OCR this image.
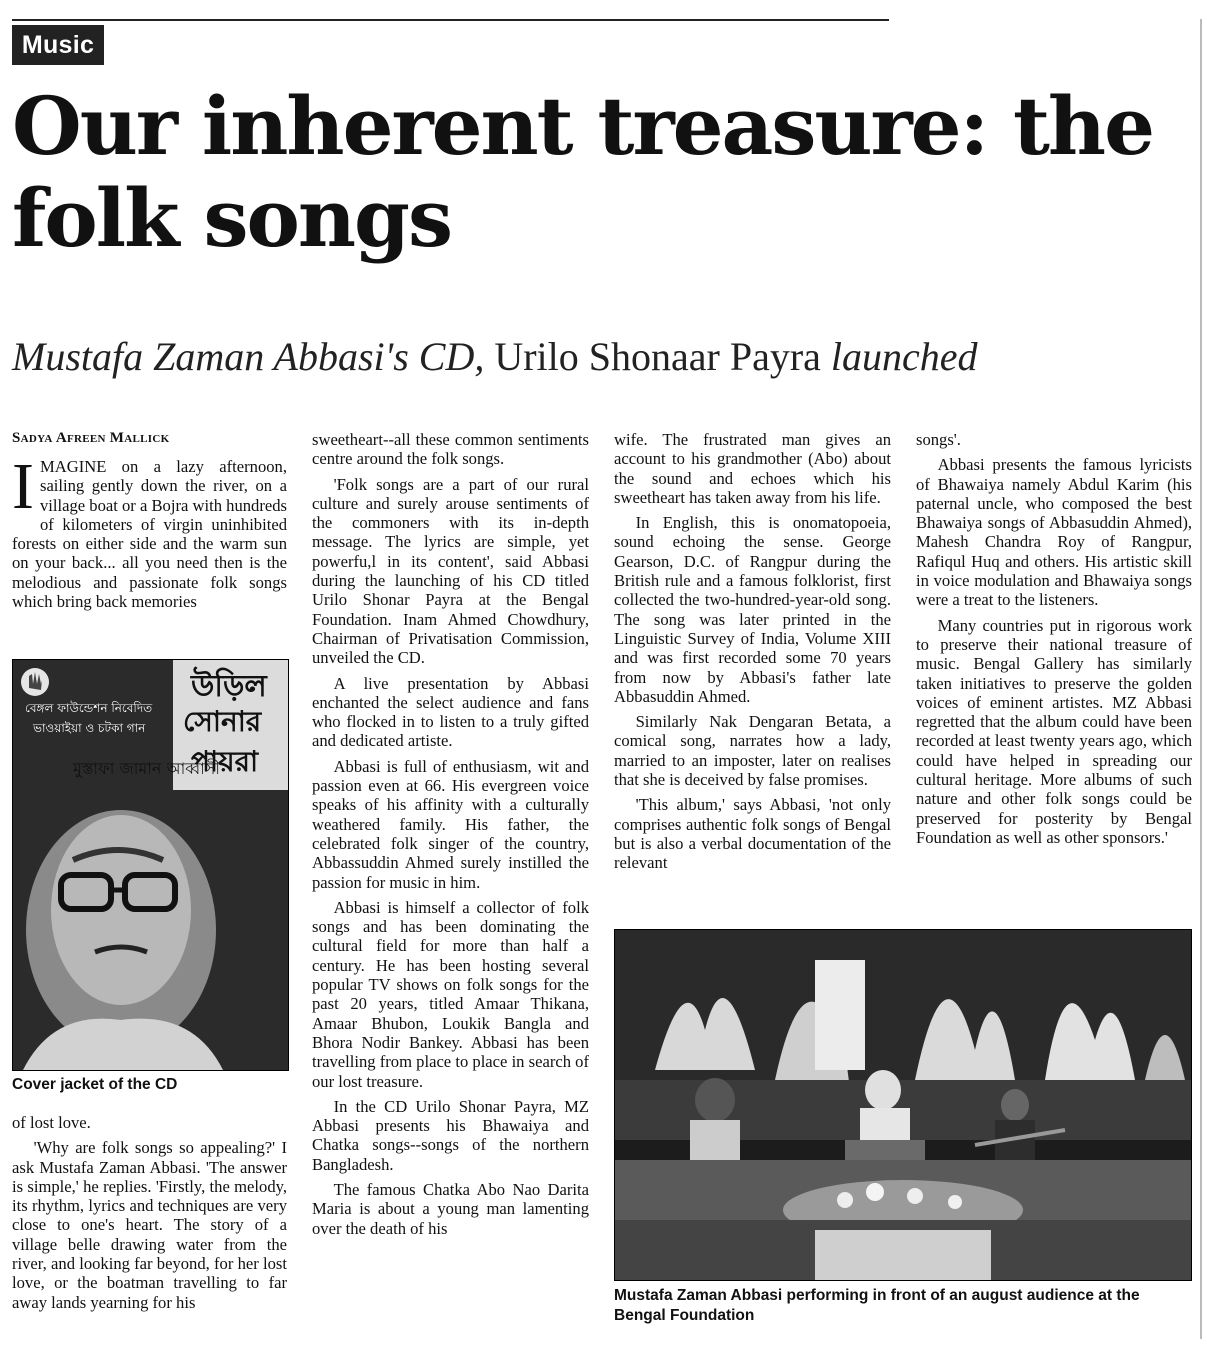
Music
Our inherent treasure: the folk songs
Mustafa Zaman Abbasi's CD, Urilo Shonaar Payra launched
Sadya Afreen Mallick

IMAGINE on a lazy afternoon, sailing gently down the river, on a village boat or a Bojra with hundreds of kilometers of virgin uninhibited forests on either side and the warm sun on your back... all you need then is the melodious and passionate folk songs which bring back memories

উড়িল
সোনার
পায়রা
বেঙ্গল ফাউন্ডেশন নিবেদিত
ভাওয়াইয়া ও চটকা গান
মুস্তাফা জামান আব্বাসী
Cover jacket of the CD

of lost love.

'Why are folk songs so appealing?' I ask Mustafa Zaman Abbasi. 'The answer is simple,' he replies. 'Firstly, the melody, its rhythm, lyrics and techniques are very close to one's heart. The story of a village belle drawing water from the river, and looking far beyond, for her lost love, or the boatman travelling to far away lands yearning for his

sweetheart--all these common sentiments centre around the folk songs.

'Folk songs are a part of our rural culture and surely arouse sentiments of the commoners with its in-depth message. The lyrics are simple, yet powerfu,l in its content', said Abbasi during the launching of his CD titled Urilo Shonar Payra at the Bengal Foundation. Inam Ahmed Chowdhury, Chairman of Privatisation Commission, unveiled the CD.

A live presentation by Abbasi enchanted the select audience and fans who flocked in to listen to a truly gifted and dedicated artiste.

Abbasi is full of enthusiasm, wit and passion even at 66. His evergreen voice speaks of his affinity with a culturally weathered family. His father, the celebrated folk singer of the country, Abbassuddin Ahmed surely instilled the passion for music in him.

Abbasi is himself a collector of folk songs and has been dominating the cultural field for more than half a century. He has been hosting several popular TV shows on folk songs for the past 20 years, titled Amaar Thikana, Amaar Bhubon, Loukik Bangla and Bhora Nodir Bankey. Abbasi has been travelling from place to place in search of our lost treasure.

In the CD Urilo Shonar Payra, MZ Abbasi presents his Bhawaiya and Chatka songs--songs of the northern Bangladesh.

The famous Chatka Abo Nao Darita Maria is about a young man lamenting over the death of his

wife. The frustrated man gives an account to his grandmother (Abo) about the sound and echoes which his sweetheart has taken away from his life.

In English, this is onomatopoeia, sound echoing the sense. George Gearson, D.C. of Rangpur during the British rule and a famous folklorist, first collected the two-hundred-year-old song. The song was later printed in the Linguistic Survey of India, Volume XIII and was first recorded some 70 years from now by Abbasi's father late Abbasuddin Ahmed.

Similarly Nak Dengaran Betata, a comical song, narrates how a lady, married to an imposter, later on realises that she is deceived by false promises.

'This album,' says Abbasi, 'not only comprises authentic folk songs of Bengal but is also a verbal documentation of the relevant

songs'.

Abbasi presents the famous lyricists of Bhawaiya namely Abdul Karim (his paternal uncle, who composed the best Bhawaiya songs of Abbasuddin Ahmed), Mahesh Chandra Roy of Rangpur, Rafiqul Huq and others. His artistic skill in voice modulation and Bhawaiya songs were a treat to the listeners.

Many countries put in rigorous work to preserve their national treasure of music. Bengal Gallery has similarly taken initiatives to preserve the golden voices of eminent artistes. MZ Abbasi regretted that the album could have been recorded at least twenty years ago, which could have helped in spreading our cultural heritage. More albums of such nature and other folk songs could be preserved for posterity by Bengal Foundation as well as other sponsors.'

Mustafa Zaman Abbasi performing in front of an august audience at the Bengal Foundation
